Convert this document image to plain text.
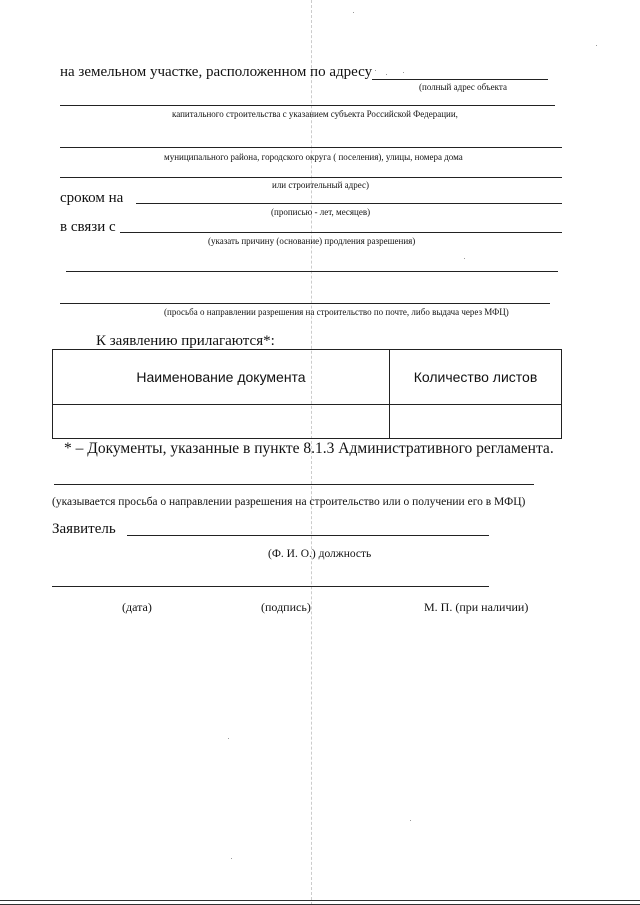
на земельном участке, расположенном по адресу
(полный адрес объекта
капитального строительства с указанием субъекта Российской Федерации,
муниципального района, городского округа ( поселения), улицы, номера дома
или строительный адрес)
сроком на
(прописью - лет, месяцев)
в связи с
(указать причину (основание) продления разрешения)
(просьба о направлении разрешения на строительство по почте, либо выдача через МФЦ)
К заявлению прилагаются*:
Наименование документа	Количество листов

* – Документы, указанные в пункте 8.1.3 Административного регламента.
(указывается просьба о направлении разрешения на строительство или о получении его в МФЦ)
Заявитель
(Ф. И. О.) должность
(дата)	(подпись)	М. П. (при наличии)
